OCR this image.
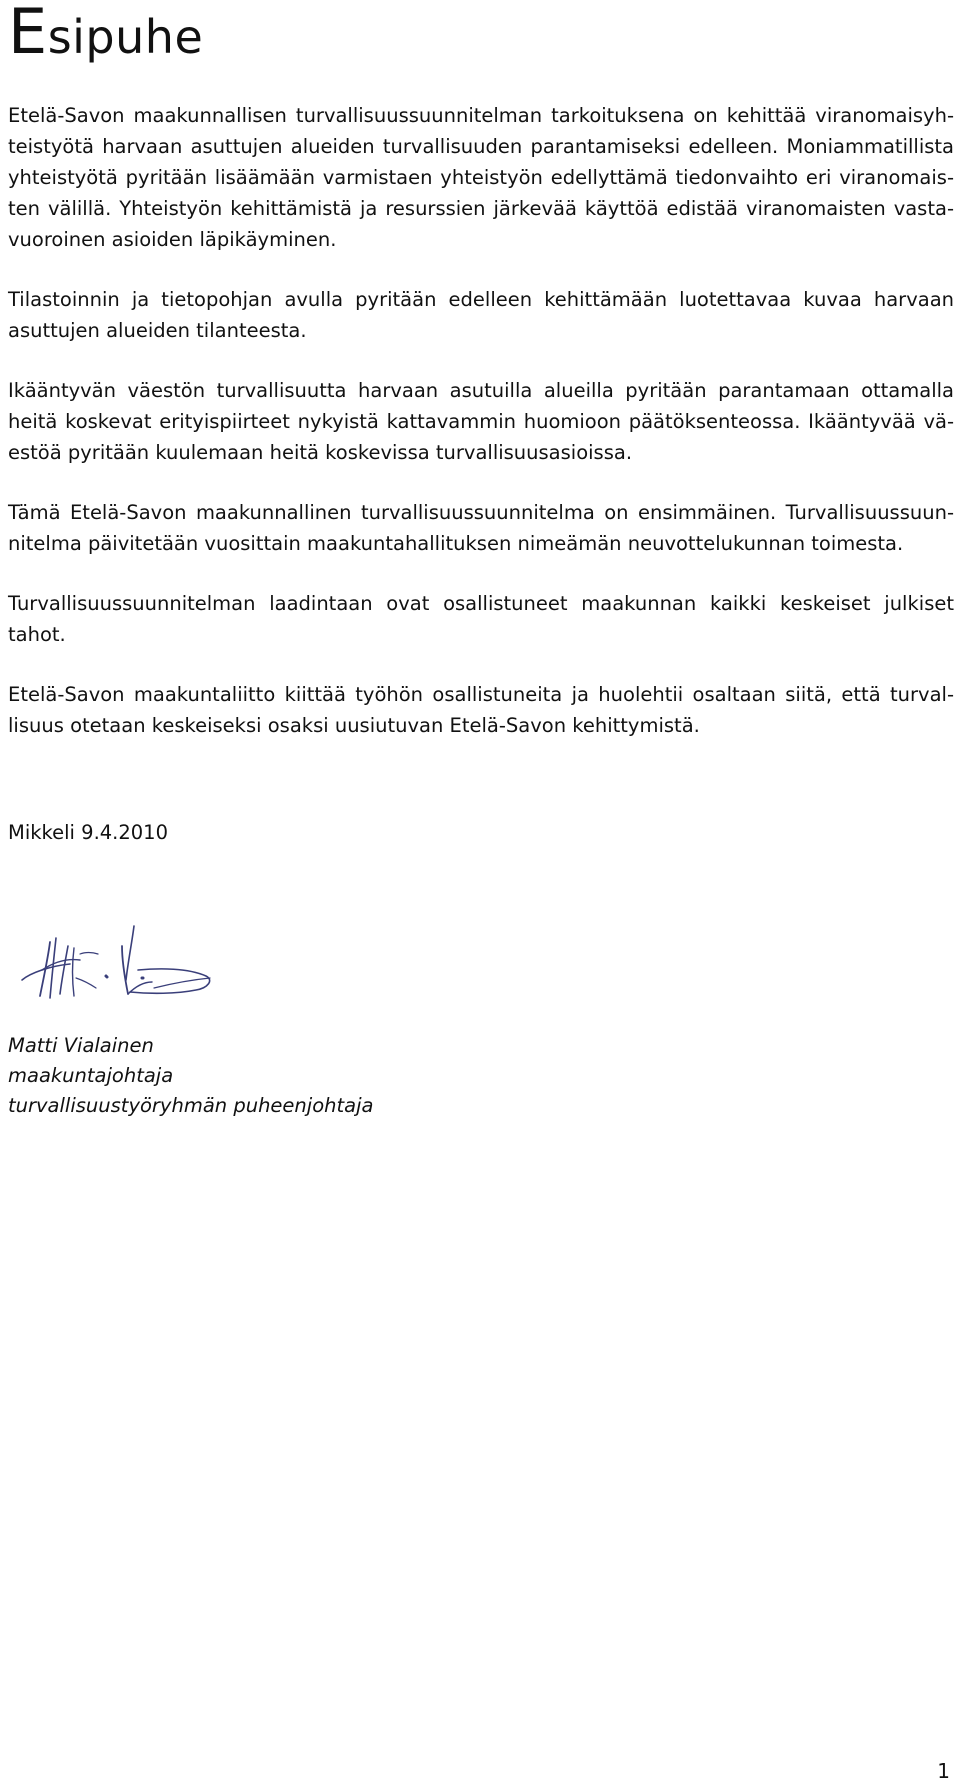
Esipuhe

Etelä-Savon maakunnallisen turvallisuussuunnitelman tarkoituksena on kehittää viranomaisyhteistyötä harvaan asuttujen alueiden turvallisuuden parantamiseksi edelleen. Moniammatillista yhteistyötä pyritään lisäämään varmistaen yhteistyön edellyttämä tiedonvaihto eri viranomaisten välillä. Yhteistyön kehittämistä ja resurssien järkevää käyttöä edistää viranomaisten vastavuoroinen asioiden läpikäyminen.

Tilastoinnin ja tietopohjan avulla pyritään edelleen kehittämään luotettavaa kuvaa harvaan asuttujen alueiden tilanteesta.

Ikääntyvän väestön turvallisuutta harvaan asutuilla alueilla pyritään parantamaan ottamalla heitä koskevat erityispiirteet nykyistä kattavammin huomioon päätöksenteossa. Ikääntyvää väestöä pyritään kuulemaan heitä koskevissa turvallisuusasioissa.

Tämä Etelä-Savon maakunnallinen turvallisuussuunnitelma on ensimmäinen. Turvallisuussuunnitelma päivitetään vuosittain maakuntahallituksen nimeämän neuvottelukunnan toimesta.

Turvallisuussuunnitelman laadintaan ovat osallistuneet maakunnan kaikki keskeiset julkiset tahot.

Etelä-Savon maakuntaliitto kiittää työhön osallistuneita ja huolehtii osaltaan siitä, että turvallisuus otetaan keskeiseksi osaksi uusiutuvan Etelä-Savon kehittymistä.

Mikkeli 9.4.2010

Matti Vialainen
maakuntajohtaja
turvallisuustyöryhmän puheenjohtaja
1
